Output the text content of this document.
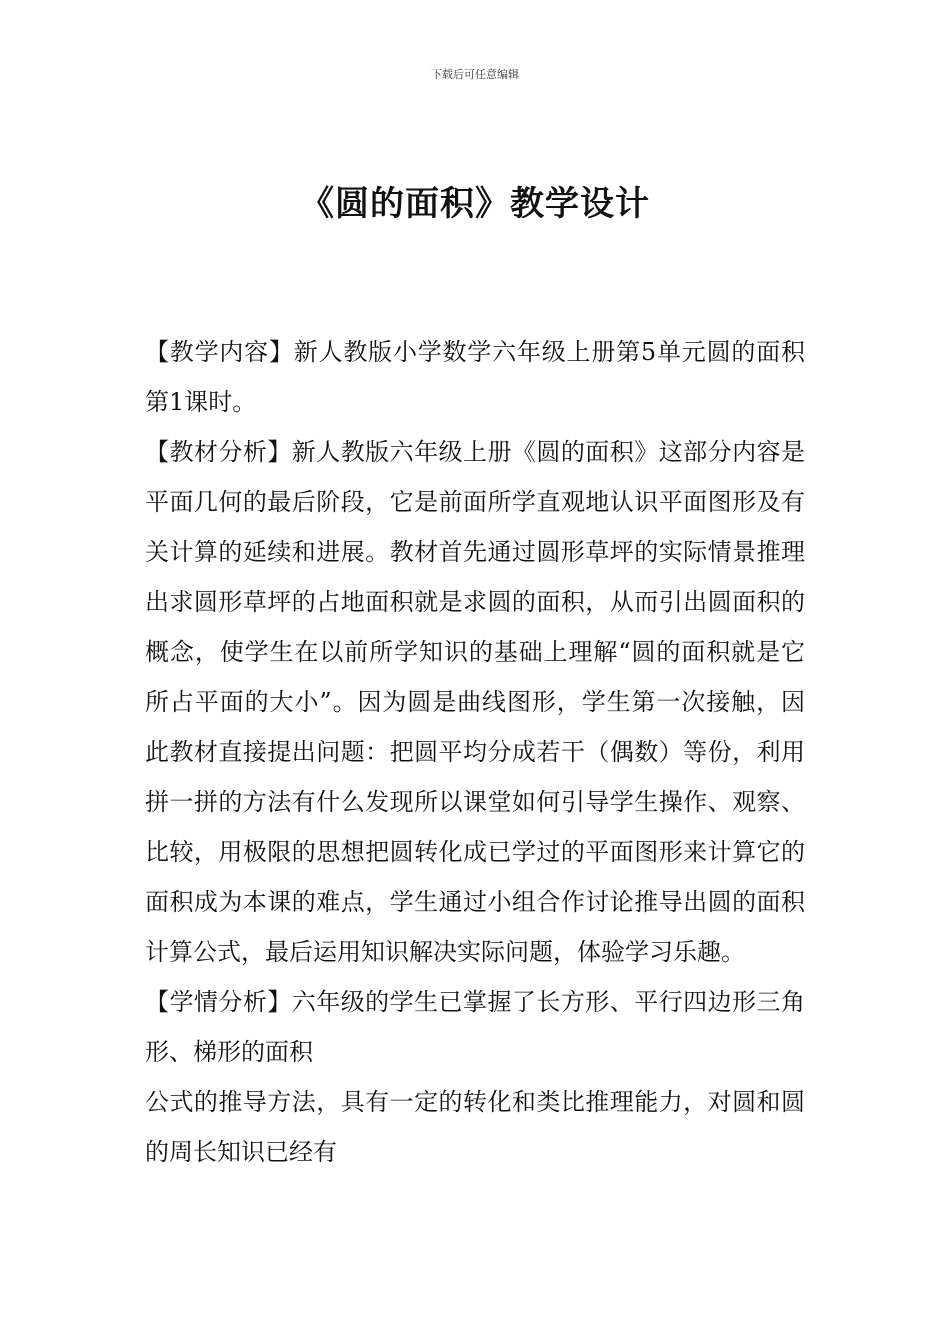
下载后可任意编辑
《圆的面积》教学设计

【教学内容】新人教版小学数学六年级上册第5单元圆的面积第1课时。

【教材分析】新人教版六年级上册《圆的面积》这部分内容是平面几何的最后阶段，它是前面所学直观地认识平面图形及有关计算的延续和进展。教材首先通过圆形草坪的实际情景推理出求圆形草坪的占地面积就是求圆的面积，从而引出圆面积的概念，使学生在以前所学知识的基础上理解“圆的面积就是它所占平面的大小”。因为圆是曲线图形，学生第一次接触，因此教材直接提出问题：把圆平均分成若干（偶数）等份，利用拼一拼的方法有什么发现所以课堂如何引导学生操作、观察、比较，用极限的思想把圆转化成已学过的平面图形来计算它的面积成为本课的难点，学生通过小组合作讨论推导出圆的面积计算公式，最后运用知识解决实际问题，体验学习乐趣。

【学情分析】六年级的学生已掌握了长方形、平行四边形三角形、梯形的面积

公式的推导方法，具有一定的转化和类比推理能力，对圆和圆的周长知识已经有
